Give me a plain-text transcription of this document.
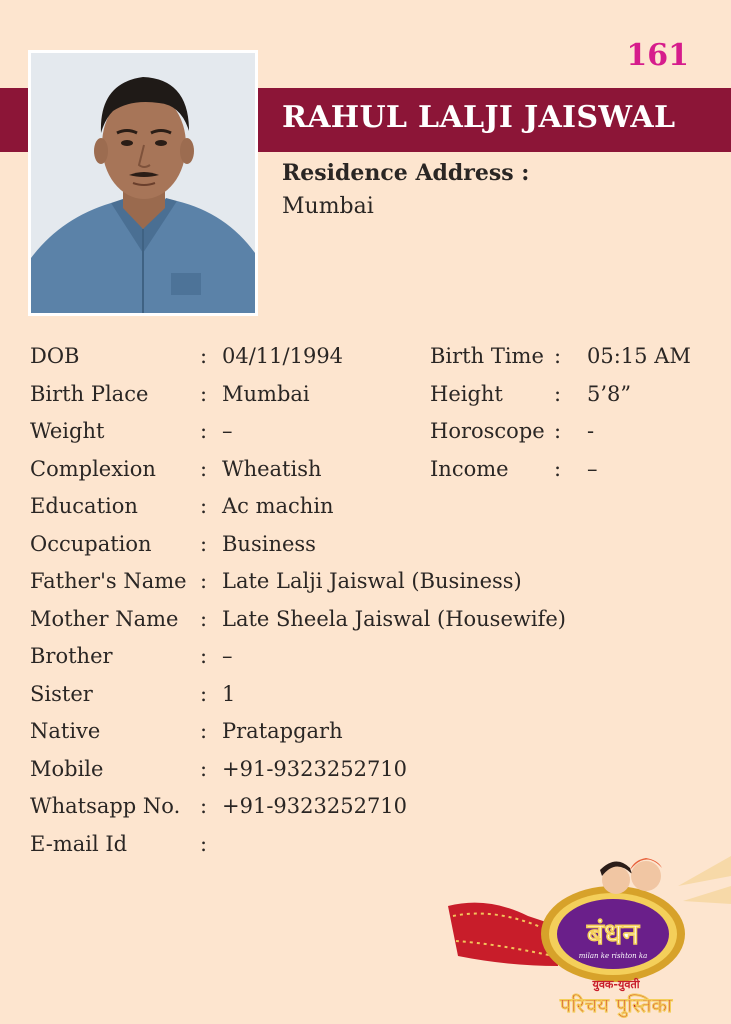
161
RAHUL LALJI JAISWAL
Residence Address :
Mumbai
DOB	: 04/11/1994	Birth Time : 05:15 AM
Birth Place : Mumbai	Height : 5’8”
Weight	: –	Horoscope : -
Complexion : Wheatish	Income : –
Education	: Ac machin
Occupation : Business
Father's Name : Late Lalji Jaiswal (Business)
Mother Name : Late Sheela Jaiswal (Housewife)
Brother	: –
Sister	: 1
Native	: Pratapgarh
Mobile	: +91-9323252710
Whatsapp No. : +91-9323252710
E-mail Id	:
बंधन
milan ke rishton ka
युवक-युवती
परिचय पुस्तिका
